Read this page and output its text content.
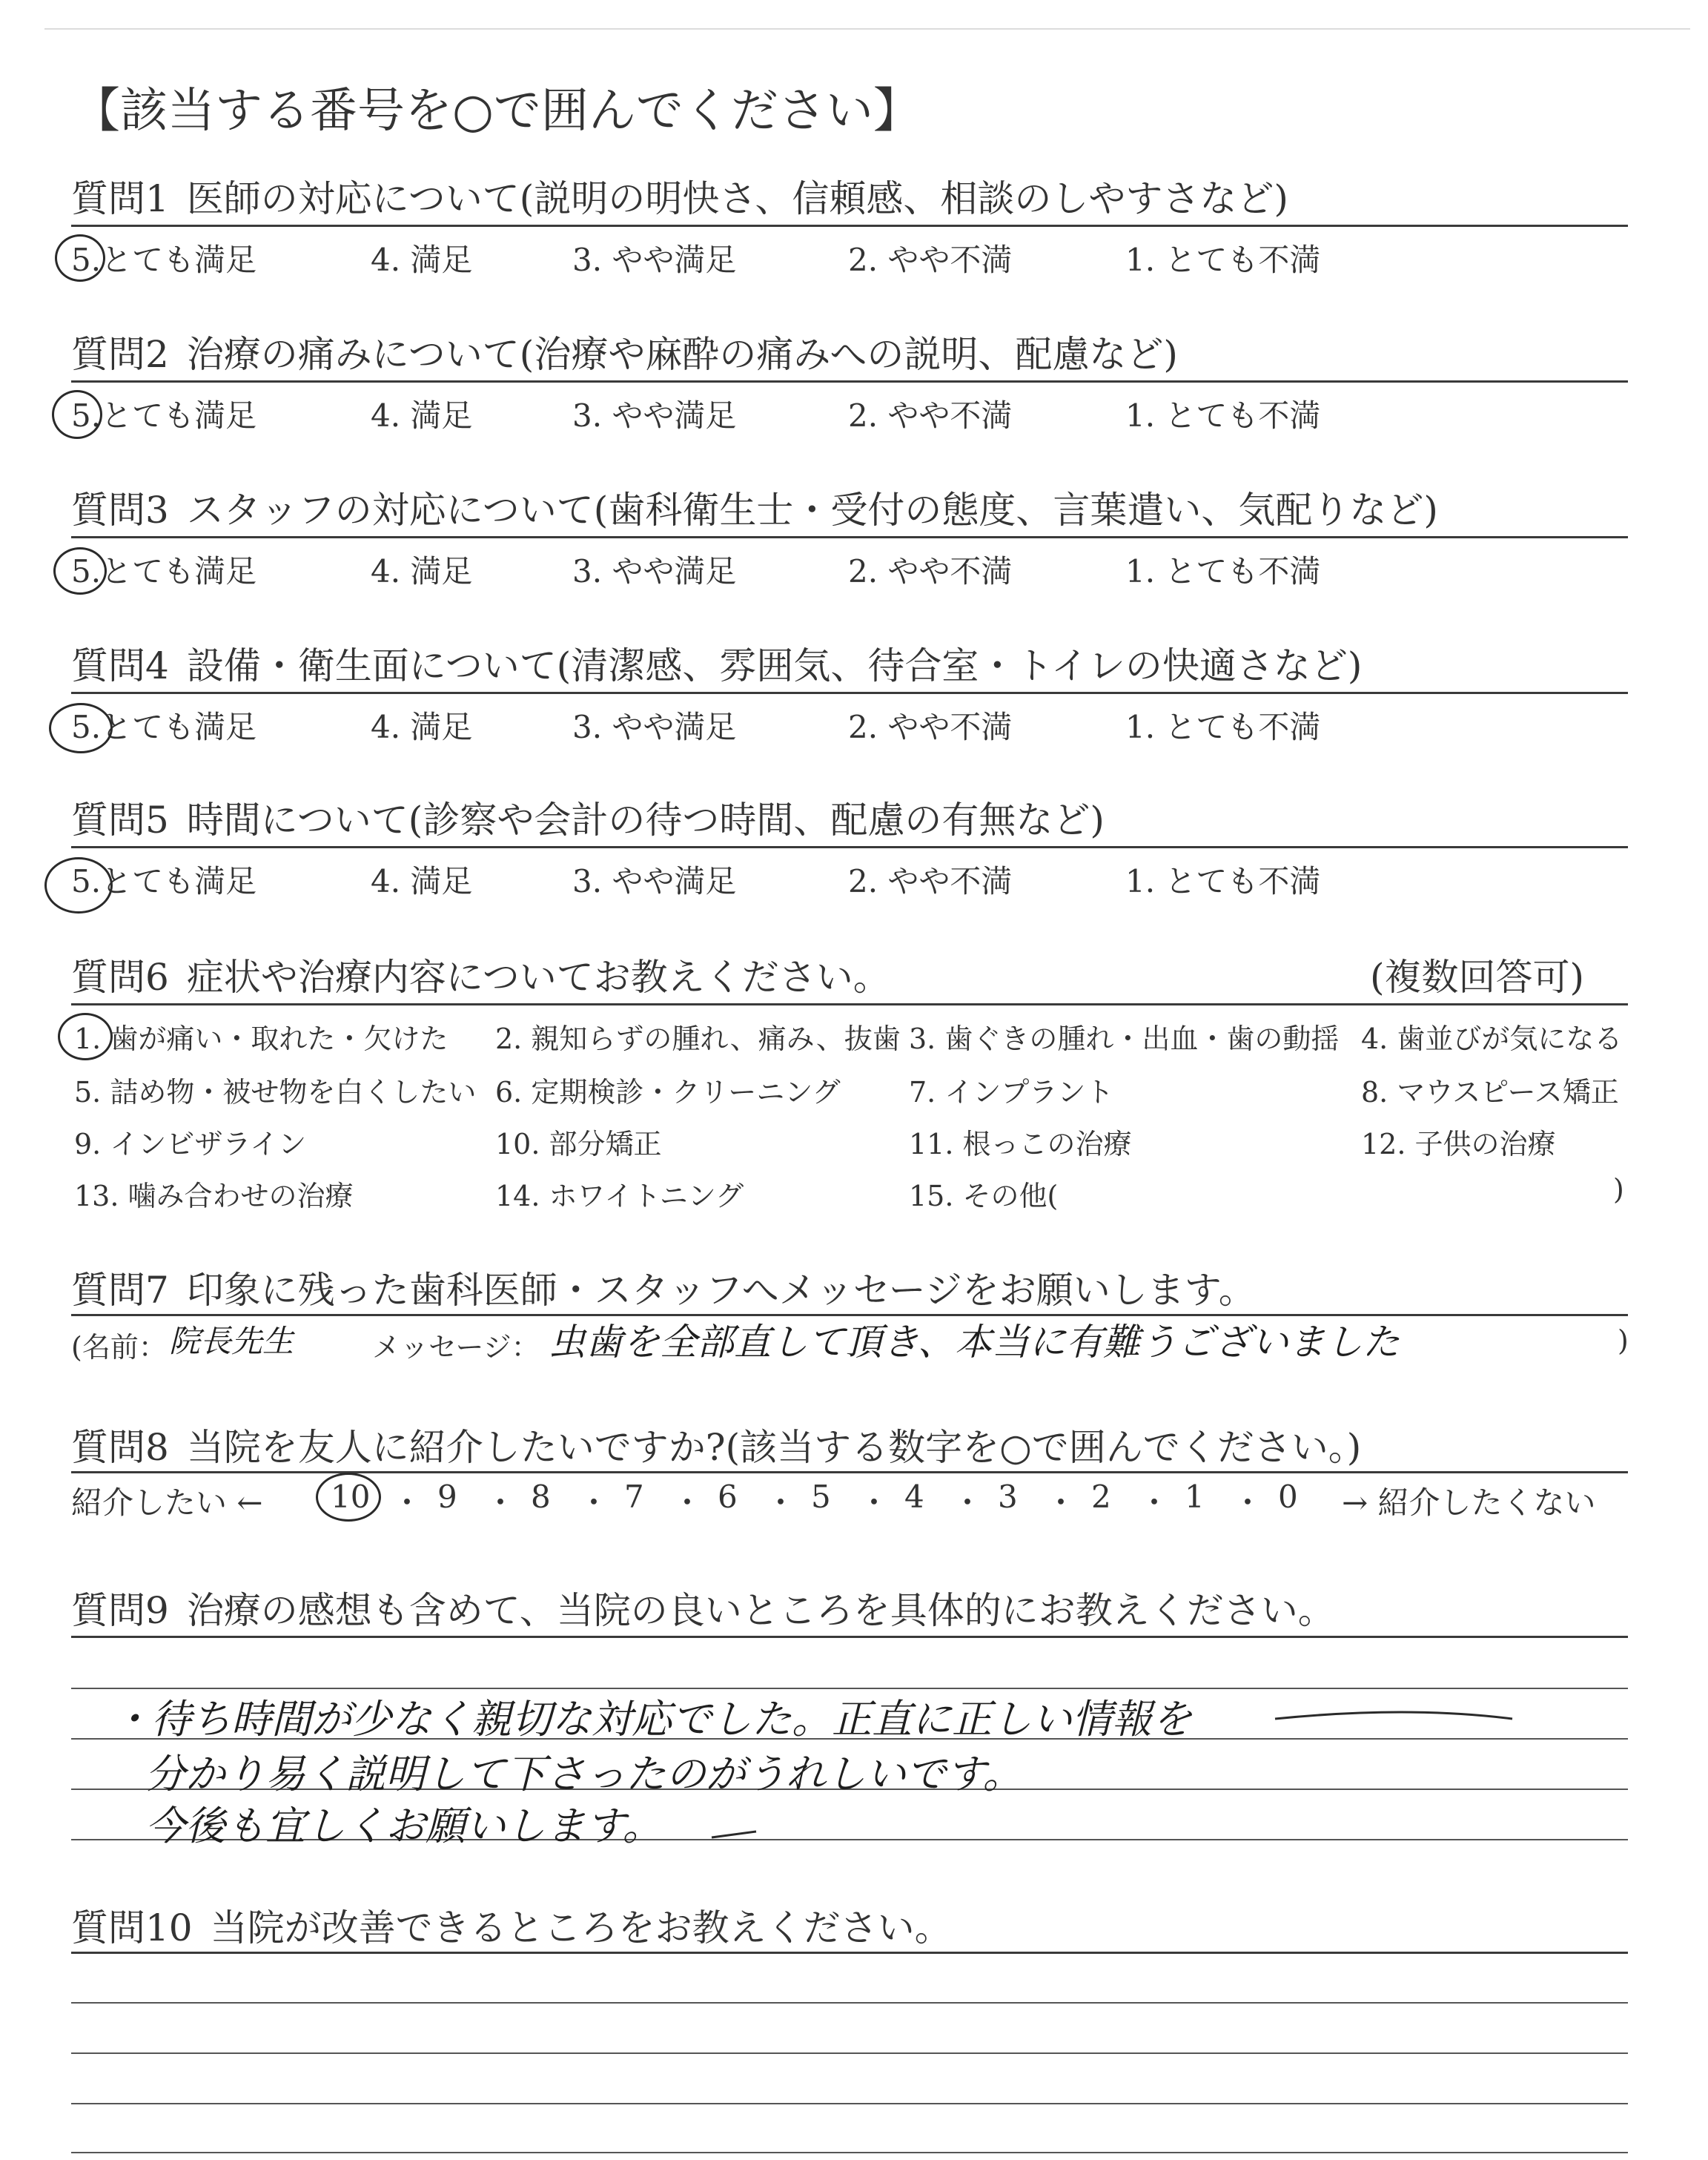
【該当する番号を○で囲んでください】
質問1 医師の対応について(説明の明快さ、信頼感、相談のしやすさなど)
5.とても満足	4. 満足	3. やや満足	2. やや不満	1. とても不満
質問2 治療の痛みについて(治療や麻酔の痛みへの説明、配慮など)
5.とても満足	4. 満足	3. やや満足	2. やや不満	1. とても不満
質問3 スタッフの対応について(歯科衛生士・受付の態度、言葉遣い、気配りなど)
5.とても満足	4. 満足	3. やや満足	2. やや不満	1. とても不満
質問4 設備・衛生面について(清潔感、雰囲気、待合室・トイレの快適さなど)
5.とても満足	4. 満足	3. やや満足	2. やや不満	1. とても不満
質問5 時間について(診察や会計の待つ時間、配慮の有無など)
5.とても満足	4. 満足	3. やや満足	2. やや不満	1. とても不満
質問6 症状や治療内容についてお教えください。	(複数回答可)
1. 歯が痛い・取れた・欠けた 2. 親知らずの腫れ、痛み、抜歯 3. 歯ぐきの腫れ・出血・歯の動揺 4. 歯並びが気になる
5. 詰め物・被せ物を白くしたい 6. 定期検診・クリーニング 7. インプラント	8. マウスピース矯正
9. インビザライン	10. 部分矯正	11. 根っこの治療	12. 子供の治療
13. 噛み合わせの治療	14. ホワイトニング	15. その他(	)
質問7 印象に残った歯科医師・スタッフへメッセージをお願いします。
(名前： 院長先生	メッセージ： 虫歯を全部直して頂き、本当に有難うございました	)
質問8 当院を友人に紹介したいですか?(該当する数字を○で囲んでください。)
紹介したい ←	→ 紹介したくない
10 ・ 9 ・ 8 ・ 7 ・ 6 ・ 5 ・ 4 ・ 3 ・ 2 ・ 1 ・ 0
質問9 治療の感想も含めて、当院の良いところを具体的にお教えください。
・待ち時間が少なく親切な対応でした。正直に正しい情報を
分かり易く説明して下さったのがうれしいです。
今後も宜しくお願いします。
質問10 当院が改善できるところをお教えください。
